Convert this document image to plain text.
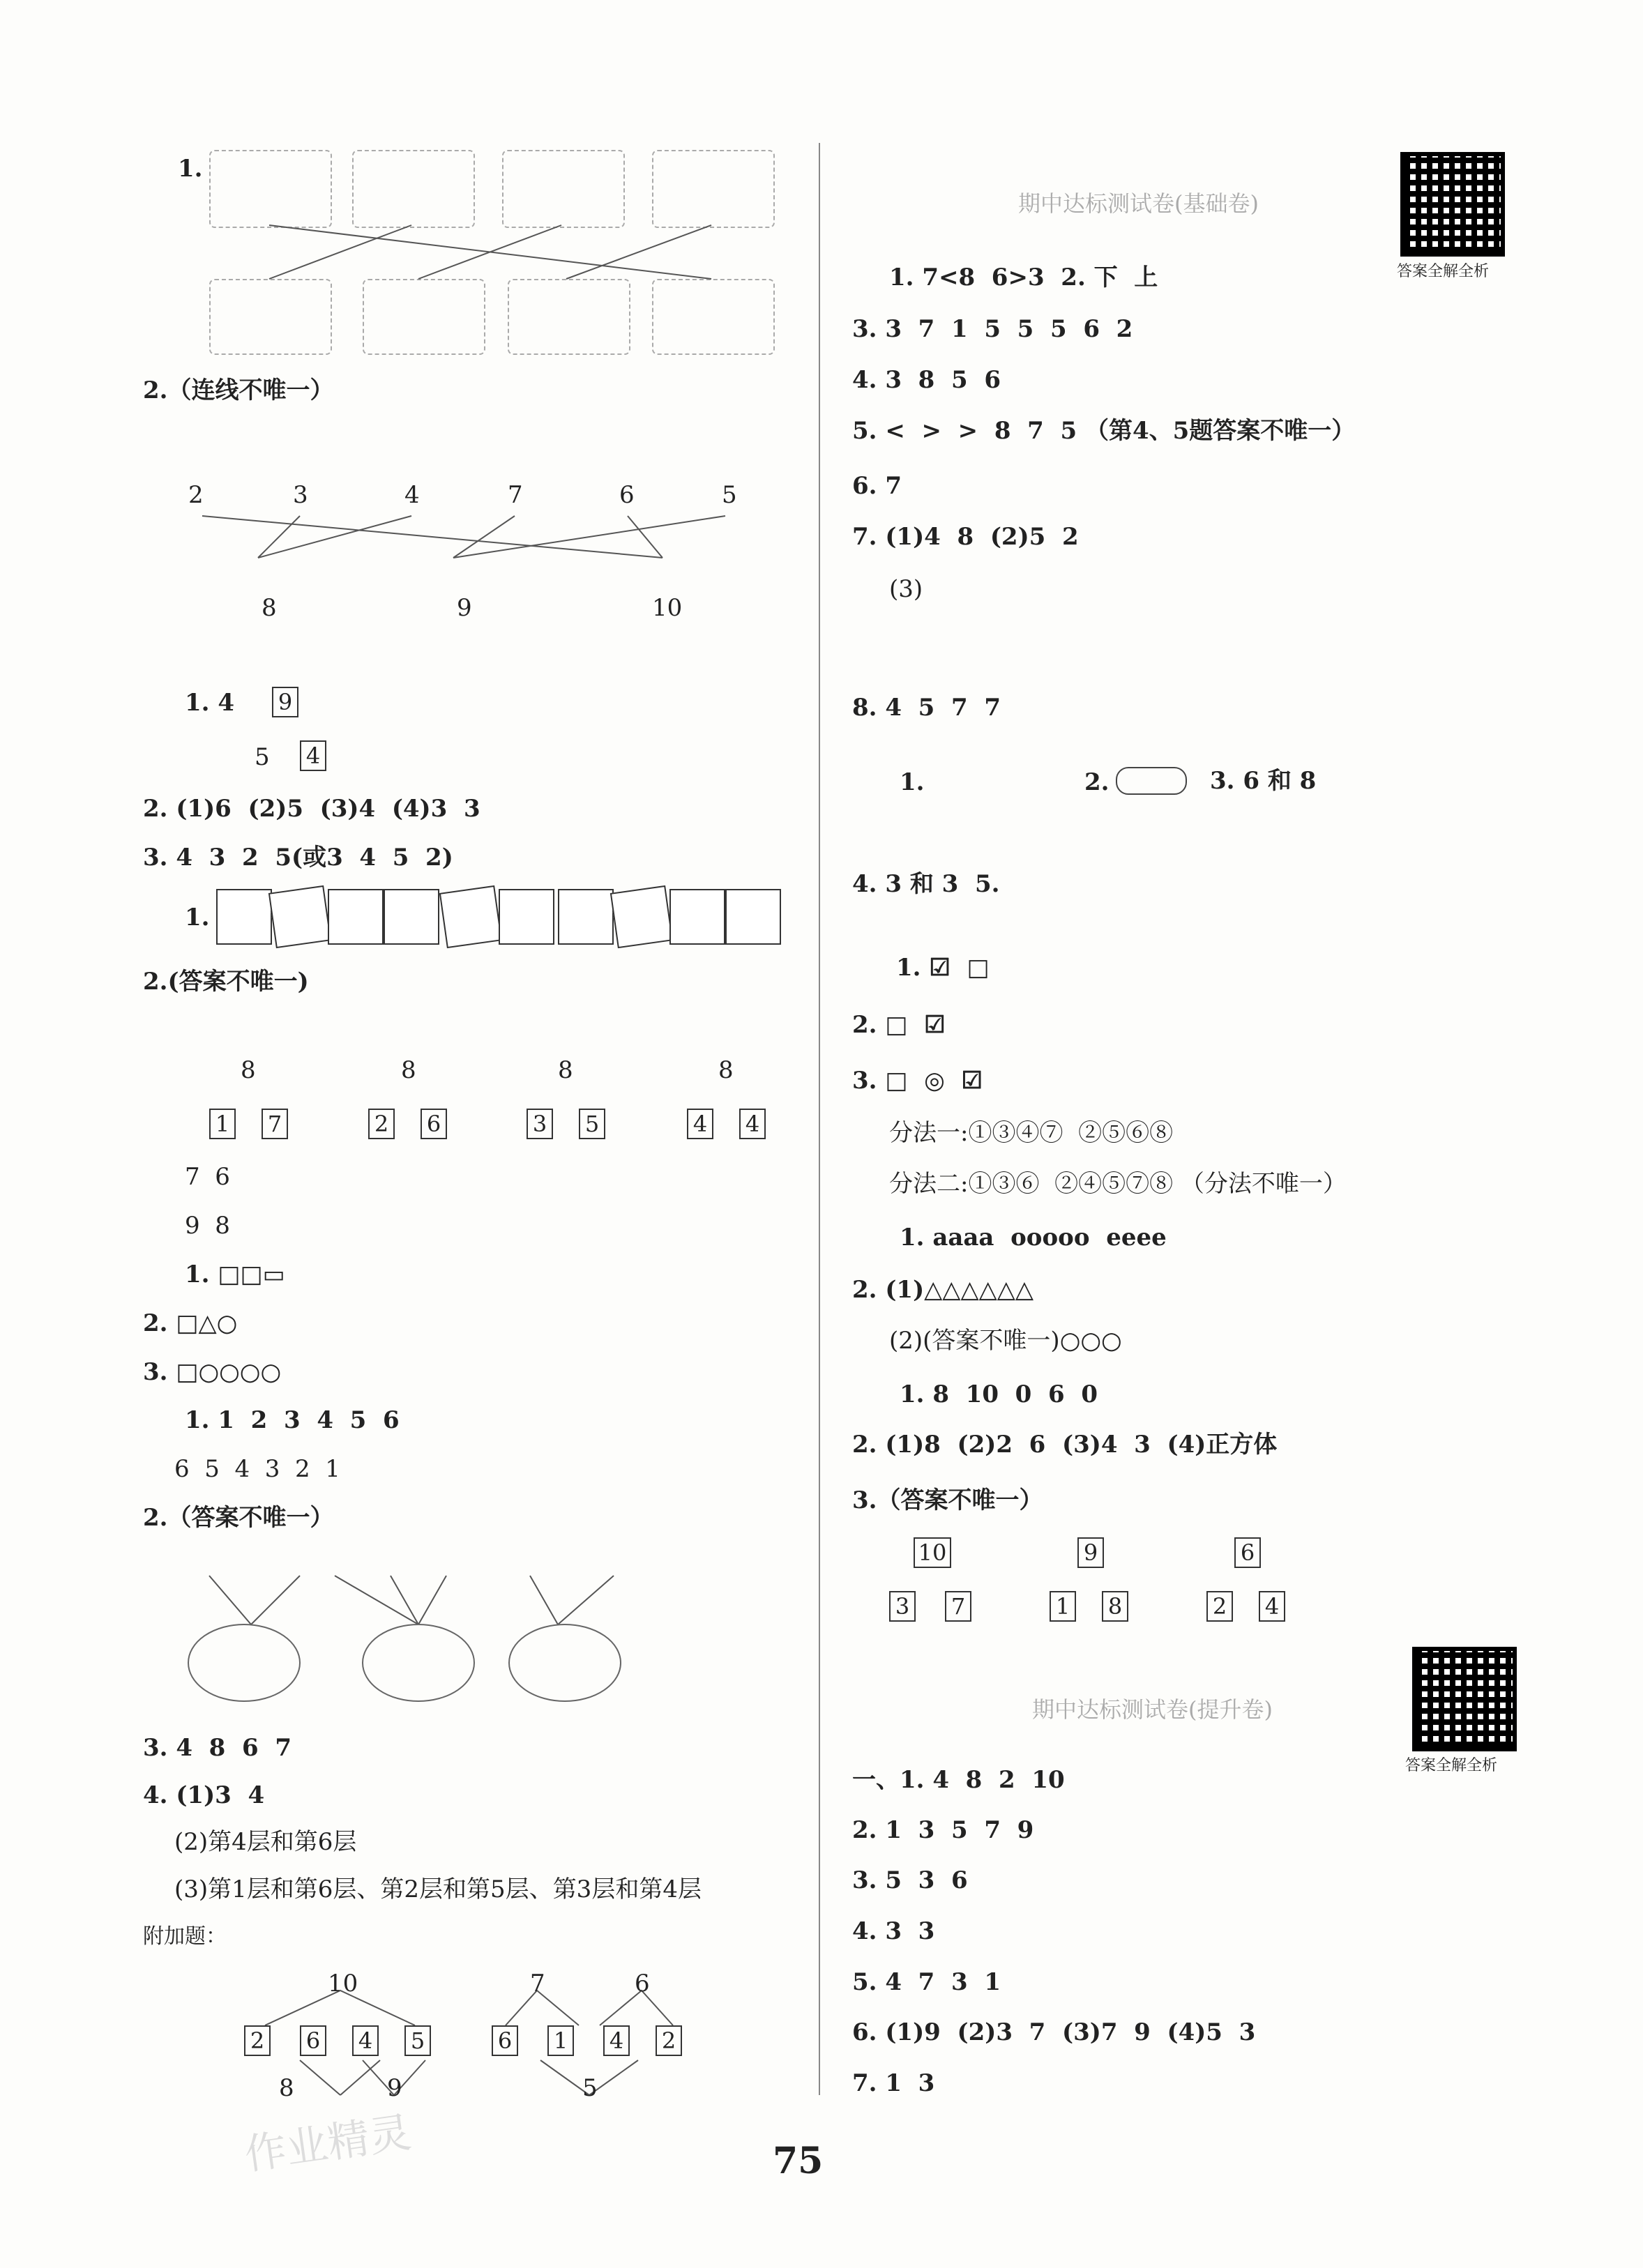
1.
2.（连线不唯一）
2	3	4	7	6	5
8	9	10
1. 4 9
5 4
2. (1)6  (2)5  (3)4  (4)3  3
3. 4  3  2  5(或3  4  5  2)
1.
2.(答案不唯一)
8	8	8	8
1 7	2 6	3 5	4 4
7  6
9  8
1. □□▭
2. □△○
3. □○○○○
1. 1  2  3  4  5  6
6  5  4  3  2  1
2.（答案不唯一）
3. 4  8  6  7
4. (1)3  4
(2)第4层和第6层
(3)第1层和第6层、第2层和第5层、第3层和第4层
附加题：
10
2 6 4 5
8	9
7	6
6 1 4 2
5
作业精灵
期中达标测试卷(基础卷)
答案全解全析
1. 7<8  6>3  2. 下  上
3. 3  7  1  5  5  5  6  2
4. 3  8  5  6
5. <  >  >  8  7  5 （第4、5题答案不唯一）
6. 7
7. (1)4  8  (2)5  2
(3)
8. 4  5  7  7
1.	2.	3. 6 和 8
4. 3 和 3  5.
1. ☑  □
2. □  ☑
3. □  ◎  ☑
分法一:①③④⑦  ②⑤⑥⑧
分法二:①③⑥  ②④⑤⑦⑧ （分法不唯一）
1. aaaa  ooooo  eeee
2. (1)△△△△△△
(2)(答案不唯一)○○○
1. 8  10  0  6  0
2. (1)8  (2)2  6  (3)4  3  (4)正方体
3.（答案不唯一）
10	9	6
3 7	1 8	2 4
期中达标测试卷(提升卷)
答案全解全析
一、1. 4  8  2  10
2. 1  3  5  7  9
3. 5  3  6
4. 3  3
5. 4  7  3  1
6. (1)9  (2)3  7  (3)7  9  (4)5  3
7. 1  3
75
